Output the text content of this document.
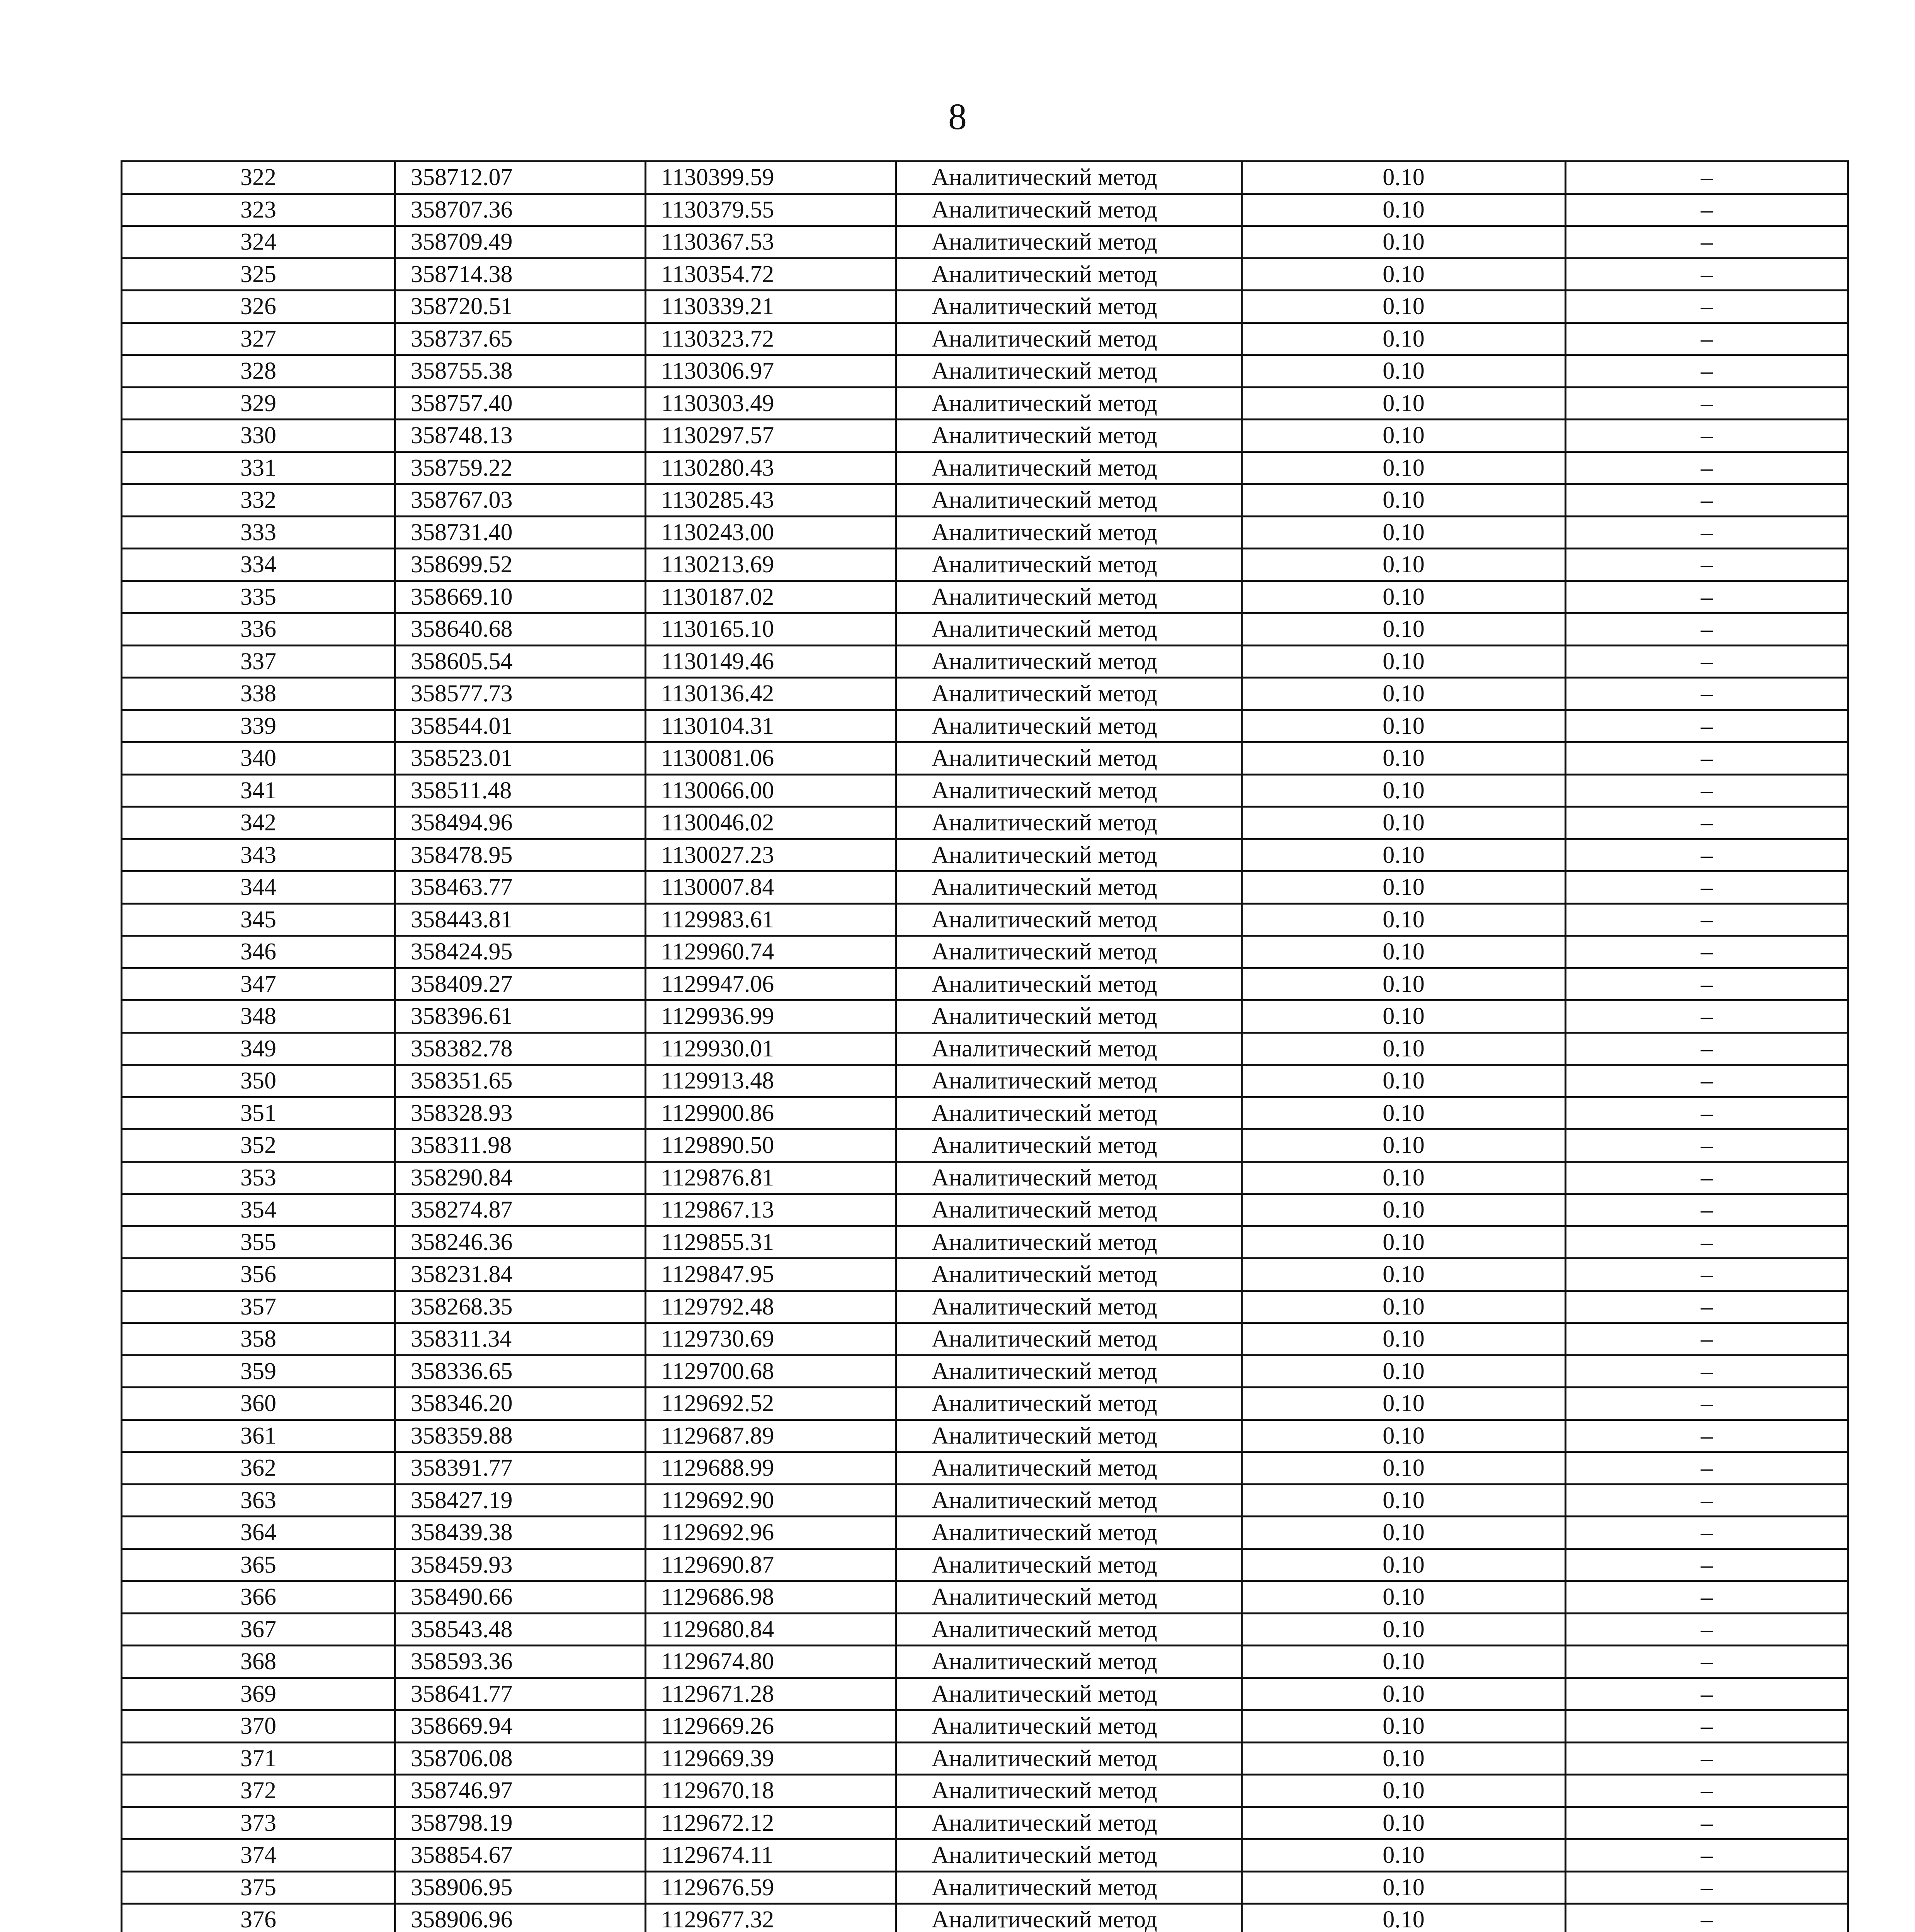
8
322	358712.07	1130399.59	Аналитический метод	0.10	–
323	358707.36	1130379.55	Аналитический метод	0.10	–
324	358709.49	1130367.53	Аналитический метод	0.10	–
325	358714.38	1130354.72	Аналитический метод	0.10	–
326	358720.51	1130339.21	Аналитический метод	0.10	–
327	358737.65	1130323.72	Аналитический метод	0.10	–
328	358755.38	1130306.97	Аналитический метод	0.10	–
329	358757.40	1130303.49	Аналитический метод	0.10	–
330	358748.13	1130297.57	Аналитический метод	0.10	–
331	358759.22	1130280.43	Аналитический метод	0.10	–
332	358767.03	1130285.43	Аналитический метод	0.10	–
333	358731.40	1130243.00	Аналитический метод	0.10	–
334	358699.52	1130213.69	Аналитический метод	0.10	–
335	358669.10	1130187.02	Аналитический метод	0.10	–
336	358640.68	1130165.10	Аналитический метод	0.10	–
337	358605.54	1130149.46	Аналитический метод	0.10	–
338	358577.73	1130136.42	Аналитический метод	0.10	–
339	358544.01	1130104.31	Аналитический метод	0.10	–
340	358523.01	1130081.06	Аналитический метод	0.10	–
341	358511.48	1130066.00	Аналитический метод	0.10	–
342	358494.96	1130046.02	Аналитический метод	0.10	–
343	358478.95	1130027.23	Аналитический метод	0.10	–
344	358463.77	1130007.84	Аналитический метод	0.10	–
345	358443.81	1129983.61	Аналитический метод	0.10	–
346	358424.95	1129960.74	Аналитический метод	0.10	–
347	358409.27	1129947.06	Аналитический метод	0.10	–
348	358396.61	1129936.99	Аналитический метод	0.10	–
349	358382.78	1129930.01	Аналитический метод	0.10	–
350	358351.65	1129913.48	Аналитический метод	0.10	–
351	358328.93	1129900.86	Аналитический метод	0.10	–
352	358311.98	1129890.50	Аналитический метод	0.10	–
353	358290.84	1129876.81	Аналитический метод	0.10	–
354	358274.87	1129867.13	Аналитический метод	0.10	–
355	358246.36	1129855.31	Аналитический метод	0.10	–
356	358231.84	1129847.95	Аналитический метод	0.10	–
357	358268.35	1129792.48	Аналитический метод	0.10	–
358	358311.34	1129730.69	Аналитический метод	0.10	–
359	358336.65	1129700.68	Аналитический метод	0.10	–
360	358346.20	1129692.52	Аналитический метод	0.10	–
361	358359.88	1129687.89	Аналитический метод	0.10	–
362	358391.77	1129688.99	Аналитический метод	0.10	–
363	358427.19	1129692.90	Аналитический метод	0.10	–
364	358439.38	1129692.96	Аналитический метод	0.10	–
365	358459.93	1129690.87	Аналитический метод	0.10	–
366	358490.66	1129686.98	Аналитический метод	0.10	–
367	358543.48	1129680.84	Аналитический метод	0.10	–
368	358593.36	1129674.80	Аналитический метод	0.10	–
369	358641.77	1129671.28	Аналитический метод	0.10	–
370	358669.94	1129669.26	Аналитический метод	0.10	–
371	358706.08	1129669.39	Аналитический метод	0.10	–
372	358746.97	1129670.18	Аналитический метод	0.10	–
373	358798.19	1129672.12	Аналитический метод	0.10	–
374	358854.67	1129674.11	Аналитический метод	0.10	–
375	358906.95	1129676.59	Аналитический метод	0.10	–
376	358906.96	1129677.32	Аналитический метод	0.10	–
